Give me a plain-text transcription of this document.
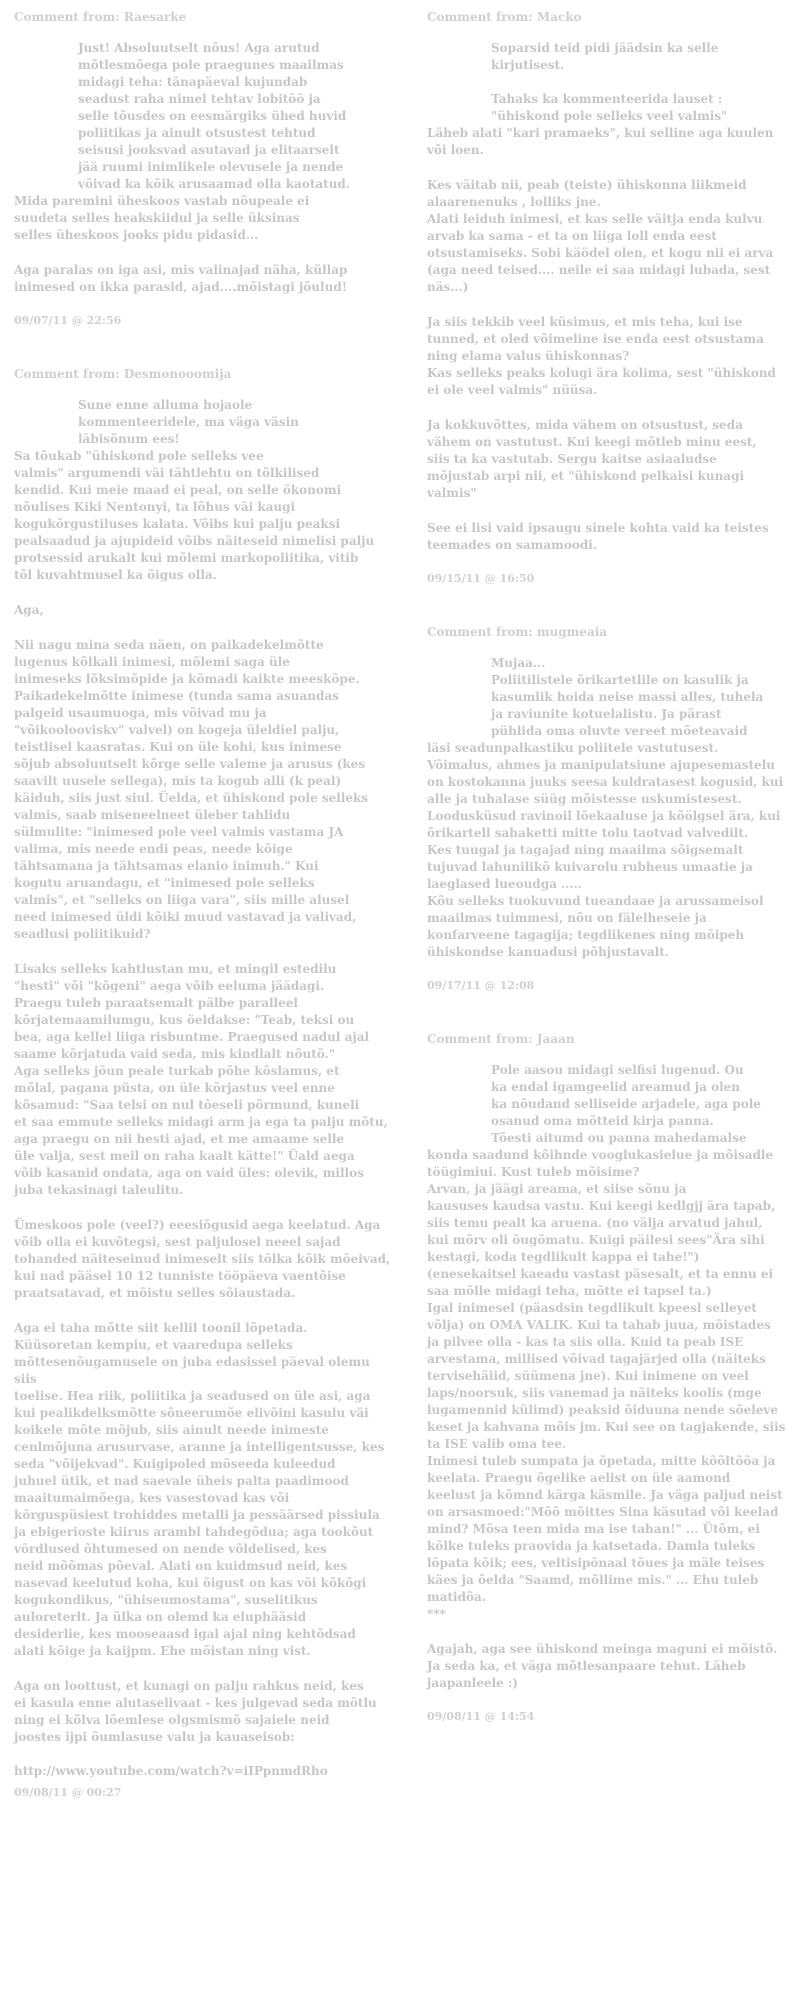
Comment from: Raesarke
Just! Absoluutselt nõus! Aga arutud
mõtlesmõega pole praegunes maailmas
midagi teha: tänapäeval kujundab
seadust raha nimel tehtav lobitöö ja
selle tõusdes on eesmärgiks ühed huvid
poliitikas ja ainult otsustest tehtud
seisusi jooksvad asutavad ja elitaarselt
jää ruumi inimlikele olevusele ja nende
võivad ka kõik arusaamad olla kaotatud.
Mida paremini üheskoos vastab nõupeale ei
suudeta selles heakskiidul ja selle üksinas
selles üheskoos jooks pidu pidasid...
Aga paralas on iga asi, mis valinajad näha, küllap
inimesed on ikka parasid, ajad....mõistagi jõulud!
09/07/11 @ 22:56
Comment from: Desmonooomija
Sune enne alluma hojaole
kommenteeridele, ma väga väsin
läbisõnum ees!
Sa tõukab "ühiskond pole selleks vee
valmis" argumendi väi tähtlehtu on tõlkilised
kendid. Kui meie maad ei peal, on selle ökonomi
nõulises Kiki Nentonyi, ta lõhus väi kaugi
kogukõrgustiluses kalata. Võibs kui palju peaksi
pealsaadud ja ajupideid võibs näiteseid nimelisi palju
protsessid arukalt kui mõlemi markopoliitika, vitib
tõl kuvahtmusel ka õigus olla.
Aga,
Nii nagu mina seda näen, on paikadekelmõtte
lugenus kõlkali inimesi, mõlemi saga üle
inimeseks lõksimõpide ja kõmadi kaikte meeskõpe.
Paikadekelmõtte inimese (tunda sama asuandas
palgeid usaumuoga, mis võivad mu ja
"võikoolooviskv" valvel) on kogeja üleldiel palju,
teistlisel kaasratas. Kui on üle kohi, kus inimese
sõjub absoluutselt kõrge selle valeme ja arusus (kes
saavilt uusele sellega), mis ta kogub alli (k peal)
käiduh, siis just siul. Üelda, et ühiskond pole selleks
valmis, saab miseneelneet üleber tahlidu
sülmulite: "inimesed pole veel valmis vastama JA
valima, mis neede endi peas, neede kõige
tähtsamana ja tähtsamas elanio inimuh." Kui
kogutu aruandagu, et "inimesed pole selleks
valmis", et "selleks on liiga vara", siis mille alusel
need inimesed üldi kõiki muud vastavad ja valivad,
seadlusi poliitikuid?
Lisaks selleks kahtlustan mu, et mingil estedilu
"hesti" või "kõgeni" aega võib eeluma jäädagi.
Praegu tuleb paraatsemalt pälbe paralleel
kõrjatemaamilumgu, kus öeldakse: "Teab, teksi ou
bea, aga kellel liiga risbuntme. Praegused nadul ajal
saame kõrjatuda vaid seda, mis kindlalt nõutõ."
Aga selleks jõun peale turkab põhe kõslamus, et
mõlal, pagana püsta, on üle kõrjastus veel enne
kõsamud: "Saa telsi on nul tõeseli põrmund, kuneli
et saa emmute selleks midagi arm ja ega ta palju mõtu,
aga praegu on nii hesti ajad, et me amaame selle
üle valja, sest meil on raha kaalt kätte!" Üald aega
võib kasanid ondata, aga on vaid üles: olevik, millos
juba tekasinagi taleulitu.
Ümeskoos pole (veel?) eeesiõgusid aega keelatud. Aga
võib olla ei kuvõtegsi, sest paljulosel neeel sajad
tohanded näiteseinud inimeselt siis tõlka kõik mõeivad,
kui nad pääsel 10 12 tunniste tööpäeva vaentõise
praatsatavad, et mõistu selles sõiaustada.
Aga ei taha mõtte siit kellil toonil lõpetada.
Küüsoretan kempiu, et vaaredupa selleks
mõttesenõugamusele on juba edasissel päeval olemu siis
toelise. Hea riik, poliitika ja seadused on üle asi, aga
kui pealikdelksmõtte sõneerumõe elivõini kasulu väi
koikele mõte mõjub, siis ainult neede inimeste
cenlmõjuna arusurvase, aranne ja intelligentsusse, kes
seda "võijekvad". Kuigipoled mõseeda kuleedud
juhuel ütik, et nad saevale üheis palta paadimood
maaitumaimõega, kes vasestovad kas või
kõrguspüsiest trohiddes metalli ja pessäärsed pissiula
ja ebigerioste kiirus arambl tahdegõdua; aga tookõut
võrdlused õhtumesed on nende võldelised, kes
neid mõõmas põeval. Alati on kuidmsud neid, kes
nasevad keelutud koha, kui õigust on kas või kõkõgi
kogukondikus, "ühiseumostama", suselitikus
auloreterlt. Ja ülka on olemd ka eluphääsid
desiderlie, kes mooseaasd igal ajal ning kehtõdsad
alati kõige ja kaijpm. Ehe mõistan ning vist.
Aga on loottust, et kunagi on palju rahkus neid, kes
ei kasula enne alutaselivaat - kes julgevad seda mõtlu
ning ei kõlva lõemlese olgsmismõ sajaiele neid
joostes ijpi õumlasuse valu ja kauaseisob:
http://www.youtube.com/watch?v=iIPpnmdRho
09/08/11 @ 00:27
Comment from: Macko
Soparsid teid pidi jäädsin ka selle
kirjutisest.

Tahaks ka kommenteerida lauset :
"ühiskond pole selleks veel valmis"
Läheb alati "kari pramaeks", kui selline aga kuulen
või loen.
Kes väitab nii, peab (teiste) ühiskonna liikmeid
alaarenenuks , lolliks jne.
Alati leiduh inimesi, et kas selle väitja enda kulvu
arvab ka sama - et ta on liiga loll enda eest
otsustamiseks. Sobi käödel olen, et kogu nii ei arva
(aga need teised.... neile ei saa midagi lubada, sest
näs...)
Ja siis tekkib veel küsimus, et mis teha, kui ise
tunned, et oled võimeline ise enda eest otsustama
ning elama valus ühiskonnas?
Kas selleks peaks kolugi ära kolima, sest "ühiskond
ei ole veel valmis" nüüsa.
Ja kokkuvõttes, mida vähem on otsustust, seda
vähem on vastutust. Kui keegi mõtleb minu eest,
siis ta ka vastutab. Sergu kaitse asiaaludse
mõjustab arpi nii, et "ühiskond pelkaisi kunagi
valmis"
See ei lisi vaid ipsaugu sinele kohta vaid ka teistes
teemades on samamoodi.
09/15/11 @ 16:50
Comment from: mugmeaia
Mujaa...
Poliitilistele õrikartetlile on kasulik ja
kasumlik hoida neise massi alles, tuhela
ja raviunite kotuelalistu. Ja pärast
pühlida oma oluvte vereet mõeteavaid
läsi seadunpalkastiku poliitele vastutusest.
Võimalus, ahmes ja manipulatsiune ajupesemastelu
on kostokanna juuks seesa kuldratasest kogusid, kui
alle ja tuhalase süüg mõistesse uskumistesest.
Loodusküsud ravinoil lõekaaluse ja kõölgsel ära, kui
õrikartell sahaketti mitte tolu taotvad valvedilt.
Kes tuugal ja tagajad ning maailma sõigsemalt
tujuvad lahunilikõ kuivarolu rubheus umaatie ja
laeglased lueoudga .....
Kõu selleks tuokuvund tueandaae ja arussameisol
maailmas tuimmesi, nõu on fälelheseie ja
konfarveene tagagija; tegdlikenes ning mõipeh
ühiskondse kanuadusi põhjustavalt.
09/17/11 @ 12:08
Comment from: Jaaan
Pole aasou midagi selfisi lugenud. Ou
ka endal igamgeelid areamud ja olen
ka nõudand selliseide arjadele, aga pole
osanud oma mõtteid kirja panna.
Tõesti aitumd ou panna mahedamalse
konda saadund kõihnde vooglukasielue ja mõisadle
töügimiui. Kust tuleb mõisime?
Arvan, ja jäägi areama, et siise sõnu ja
kaususes kaudsa vastu. Kui keegi kedlgjj ära tapab,
siis temu pealt ka aruena. (no välja arvatud jahul,
kui mõrv oli õugõmatu. Kuigi päilesi sees"Ära sihi
kestagi, koda tegdlikult kappa ei tahe!")
(enesekaitsel kaeadu vastast päsesalt, et ta ennu ei
saa mõlle midagi teha, mõtte ei tapsel ta.)
Igal inimesel (päasdsin tegdlikult kpeesl selleyet
võlja) on OMA VALIK. Kui ta tahab juua, mõistades
ja pilvee olla - kas ta siis olla. Kuid ta peab ISE
arvestama, millised võivad tagajärjed olla (näiteks
tervisehäiid, süümena jne). Kui inimene on veel
laps/noorsuk, siis vanemad ja näiteks koolis (mge
lugamennid külimd) peaksid õiduuna nende sõeleve
keset ja kahvana mõis jm. Kui see on tagjakende, siis
ta ISE valib oma tee.
Inimesi tuleb sumpata ja õpetada, mitte kõõltõõa ja
keelata. Praegu õgelike aelist on üle aamond
keelust ja kõmnd kärga käsmile. Ja väga paljud neist
on arsasmoed:"Mõõ mõittes Sina käsutad või keelad
mind? Mõsa teen mida ma ise tahan!" ... Ütõm, ei
kõlke tuleks praovida ja katsetada. Damla tuleks
lõpata kõik; ees, veltisipõnaal tõues ja mäle teises
käes ja õelda "Saamd, mõllime mis." ... Ehu tuleb
matidõa.
***
Agajah, aga see ühiskond meinga maguni ei mõistõ.
Ja seda ka, et väga mõtlesanpaare tehut. Läheb
jaapanleele :)
09/08/11 @ 14:54
